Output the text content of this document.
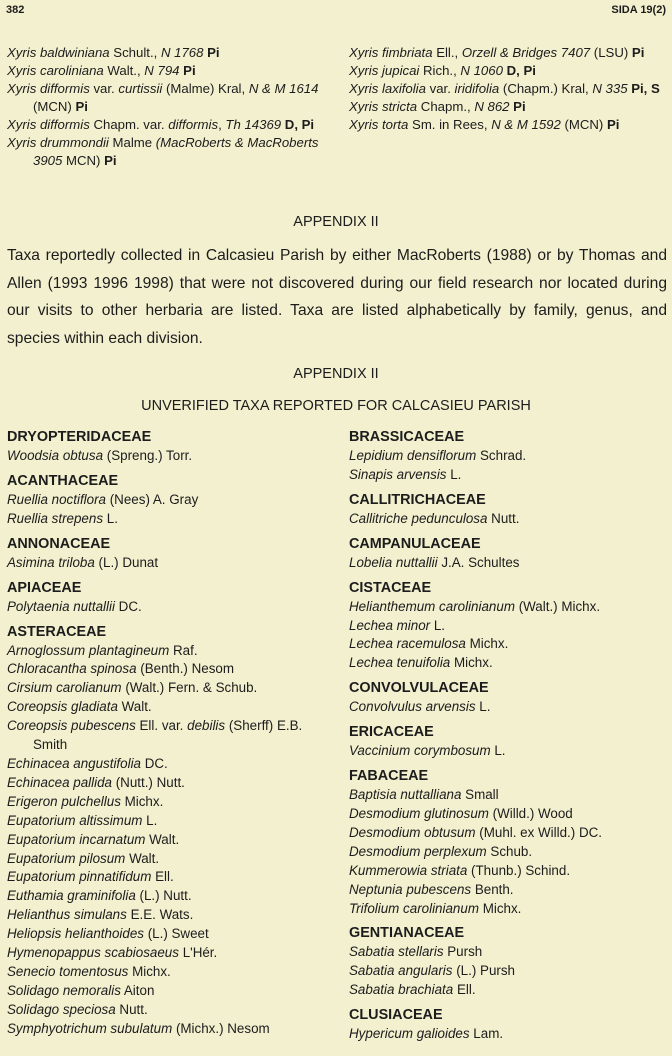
382	SIDA 19(2)
Xyris baldwiniana Schult., N 1768 Pi
Xyris caroliniana Walt., N 794 Pi
Xyris difformis var. curtissii (Malme) Kral, N & M 1614 (MCN) Pi
Xyris difformis Chapm. var. difformis, Th 14369 D, Pi
Xyris drummondii Malme (MacRoberts & MacRoberts 3905 MCN) Pi
Xyris fimbriata Ell., Orzell & Bridges 7407 (LSU) Pi
Xyris jupicai Rich., N 1060 D, Pi
Xyris laxifolia var. iridifolia (Chapm.) Kral, N 335 Pi, S
Xyris stricta Chapm., N 862 Pi
Xyris torta Sm. in Rees, N & M 1592 (MCN) Pi
APPENDIX II
Taxa reportedly collected in Calcasieu Parish by either MacRoberts (1988) or by Thomas and Allen (1993 1996 1998) that were not discovered during our field research nor located during our visits to other herbaria are listed. Taxa are listed alphabetically by family, genus, and species within each division.
APPENDIX II
UNVERIFIED TAXA REPORTED FOR CALCASIEU PARISH
DRYOPTERIDACEAE
Woodsia obtusa (Spreng.) Torr.
ACANTHACEAE
Ruellia noctiflora (Nees) A. Gray
Ruellia strepens L.
ANNONACEAE
Asimina triloba (L.) Dunat
APIACEAE
Polytaenia nuttallii DC.
ASTERACEAE
Arnoglossum plantagineum Raf.
Chloracantha spinosa (Benth.) Nesom
Cirsium carolianum (Walt.) Fern. & Schub.
Coreopsis gladiata Walt.
Coreopsis pubescens Ell. var. debilis (Sherff) E.B. Smith
Echinacea angustifolia DC.
Echinacea pallida (Nutt.) Nutt.
Erigeron pulchellus Michx.
Eupatorium altissimum L.
Eupatorium incarnatum Walt.
Eupatorium pilosum Walt.
Eupatorium pinnatifidum Ell.
Euthamia graminifolia (L.) Nutt.
Helianthus simulans E.E. Wats.
Heliopsis helianthoides (L.) Sweet
Hymenopappus scabiosaeus L'Hér.
Senecio tomentosus Michx.
Solidago nemoralis Aiton
Solidago speciosa Nutt.
Symphyotrichum subulatum (Michx.) Nesom
BRASSICACEAE
Lepidium densiflorum Schrad.
Sinapis arvensis L.
CALLITRICHACEAE
Callitriche pedunculosa Nutt.
CAMPANULACEAE
Lobelia nuttallii J.A. Schultes
CISTACEAE
Helianthemum carolinianum (Walt.) Michx.
Lechea minor L.
Lechea racemulosa Michx.
Lechea tenuifolia Michx.
CONVOLVULACEAE
Convolvulus arvensis L.
ERICACEAE
Vaccinium corymbosum L.
FABACEAE
Baptisia nuttalliana Small
Desmodium glutinosum (Willd.) Wood
Desmodium obtusum (Muhl. ex Willd.) DC.
Desmodium perplexum Schub.
Kummerowia striata (Thunb.) Schind.
Neptunia pubescens Benth.
Trifolium carolinianum Michx.
GENTIANACEAE
Sabatia stellaris Pursh
Sabatia angularis (L.) Pursh
Sabatia brachiata Ell.
CLUSIACEAE
Hypericum galioides Lam.
